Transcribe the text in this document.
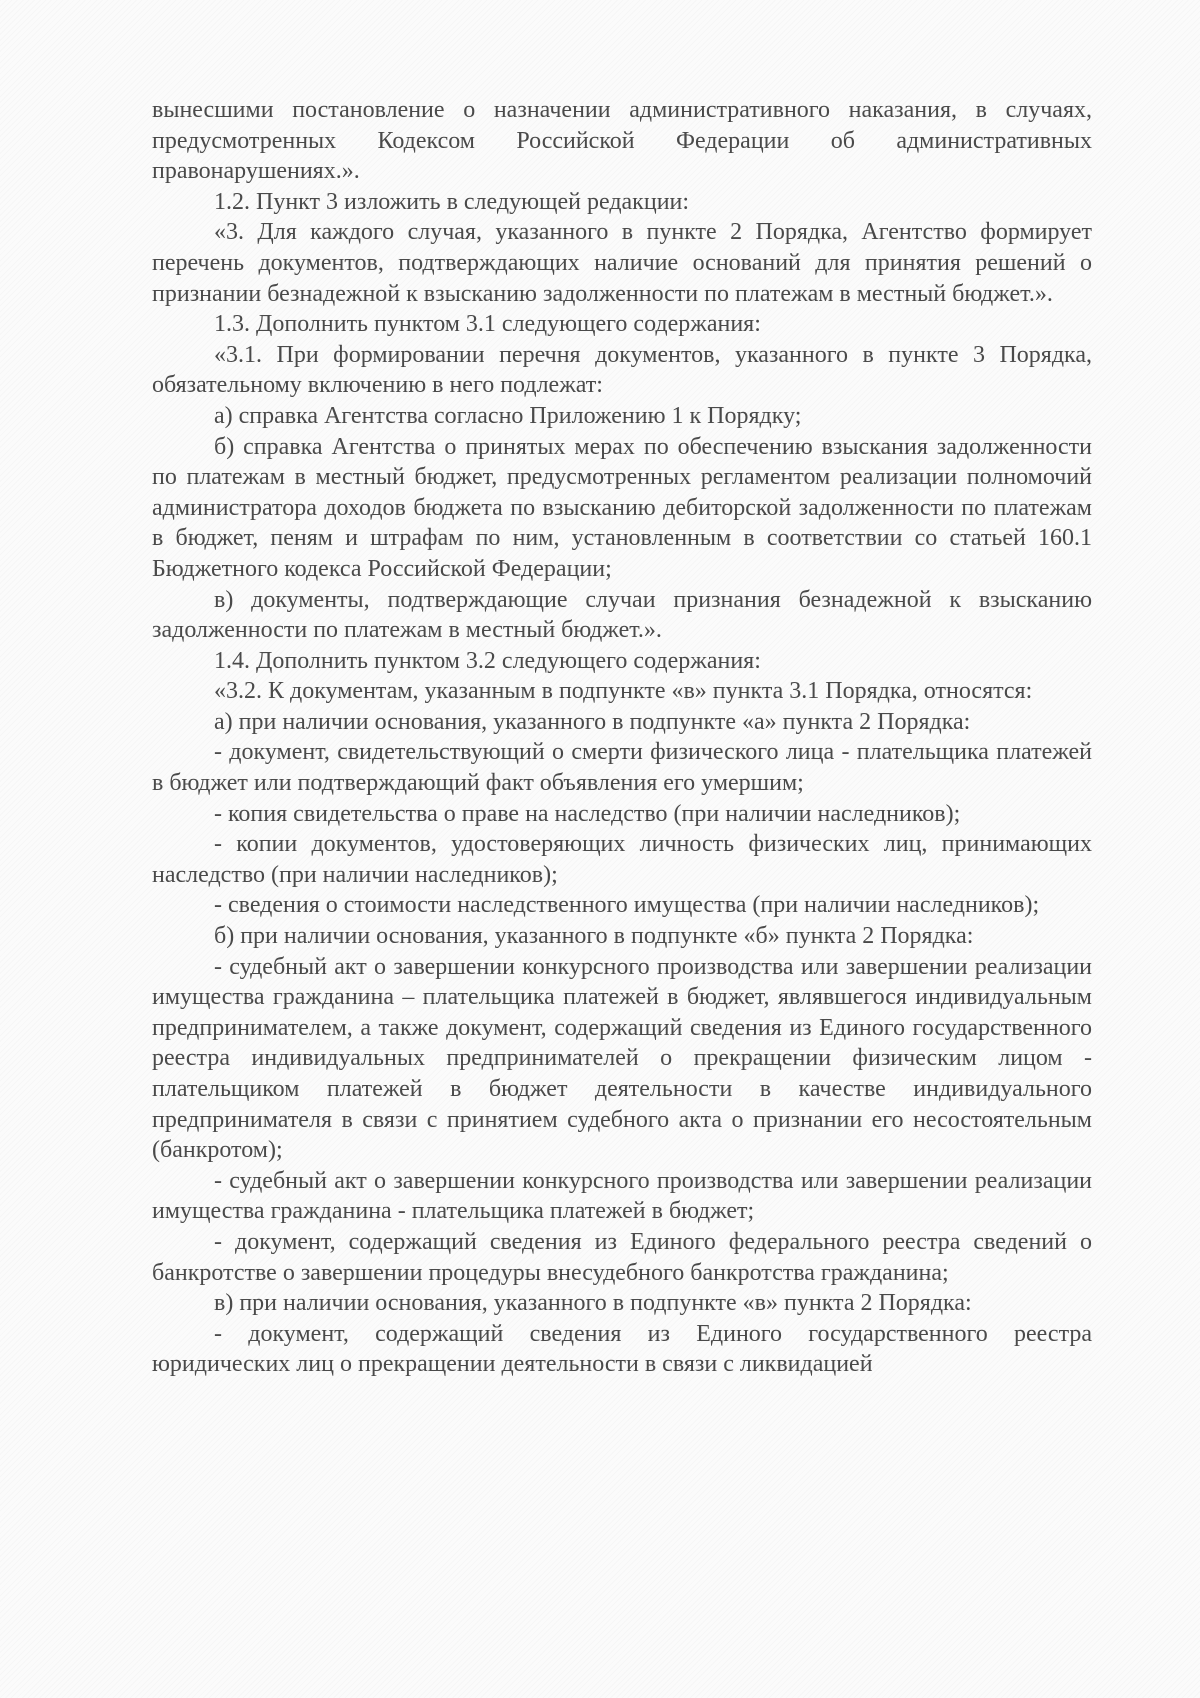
вынесшими постановление о назначении административного наказания, в случаях, предусмотренных Кодексом Российской Федерации об административных правонарушениях.».

1.2. Пункт 3 изложить в следующей редакции:

«3. Для каждого случая, указанного в пункте 2 Порядка, Агентство формирует перечень документов, подтверждающих наличие оснований для принятия решений о признании безнадежной к взысканию задолженности по платежам в местный бюджет.».

1.3. Дополнить пунктом 3.1 следующего содержания:

«3.1. При формировании перечня документов, указанного в пункте 3 Порядка, обязательному включению в него подлежат:

а) справка Агентства согласно Приложению 1 к Порядку;

б) справка Агентства о принятых мерах по обеспечению взыскания задолженности по платежам в местный бюджет, предусмотренных регламентом реализации полномочий администратора доходов бюджета по взысканию дебиторской задолженности по платежам в бюджет, пеням и штрафам по ним, установленным в соответствии со статьей 160.1 Бюджетного кодекса Российской Федерации;

в) документы, подтверждающие случаи признания безнадежной к взысканию задолженности по платежам в местный бюджет.».

1.4. Дополнить пунктом 3.2 следующего содержания:

«3.2. К документам, указанным в подпункте «в» пункта 3.1 Порядка, относятся:

а) при наличии основания, указанного в подпункте «а» пункта 2 Порядка:

- документ, свидетельствующий о смерти физического лица - плательщика платежей в бюджет или подтверждающий факт объявления его умершим;

- копия свидетельства о праве на наследство (при наличии наследников);

- копии документов, удостоверяющих личность физических лиц, принимающих наследство (при наличии наследников);

- сведения о стоимости наследственного имущества (при наличии наследников);

б) при наличии основания, указанного в подпункте «б» пункта 2 Порядка:

- судебный акт о завершении конкурсного производства или завершении реализации имущества гражданина – плательщика платежей в бюджет, являвшегося индивидуальным предпринимателем, а также документ, содержащий сведения из Единого государственного реестра индивидуальных предпринимателей о прекращении физическим лицом - плательщиком платежей в бюджет деятельности в качестве индивидуального предпринимателя в связи с принятием судебного акта о признании его несостоятельным (банкротом);

- судебный акт о завершении конкурсного производства или завершении реализации имущества гражданина - плательщика платежей в бюджет;

- документ, содержащий сведения из Единого федерального реестра сведений о банкротстве о завершении процедуры внесудебного банкротства гражданина;

в) при наличии основания, указанного в подпункте «в» пункта 2 Порядка:

- документ, содержащий сведения из Единого государственного реестра юридических лиц о прекращении деятельности в связи с ликвидацией
